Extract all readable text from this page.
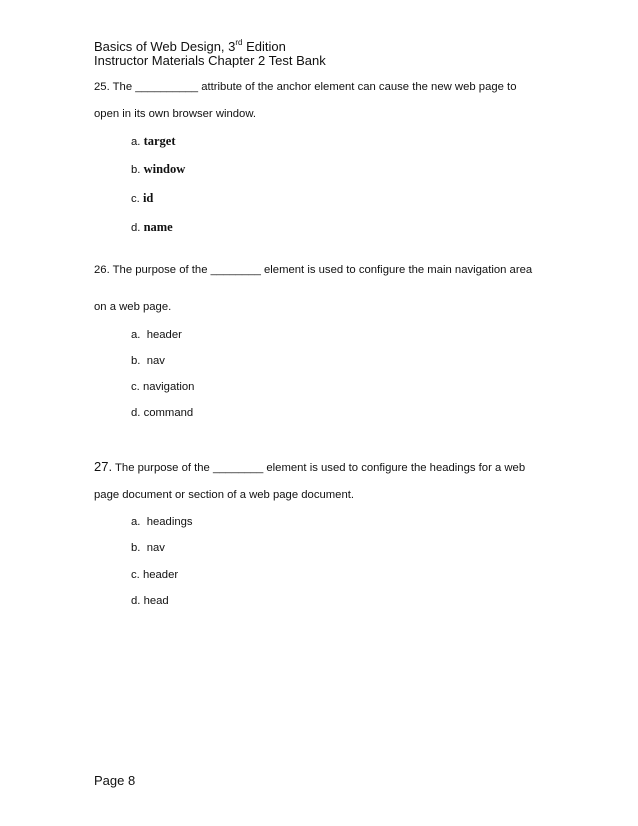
Basics of Web Design, 3rd Edition
Instructor Materials Chapter 2 Test Bank
25. The __________ attribute of the anchor element can cause the new web page to
open in its own browser window.
a. target
b. window
c. id
d. name
26. The purpose of the ________ element is used to configure the main navigation area
on a web page.
a. header
b. nav
c. navigation
d. command
27. The purpose of the ________ element is used to configure the headings for a web
page document or section of a web page document.
a. headings
b. nav
c. header
d. head
Page 8
